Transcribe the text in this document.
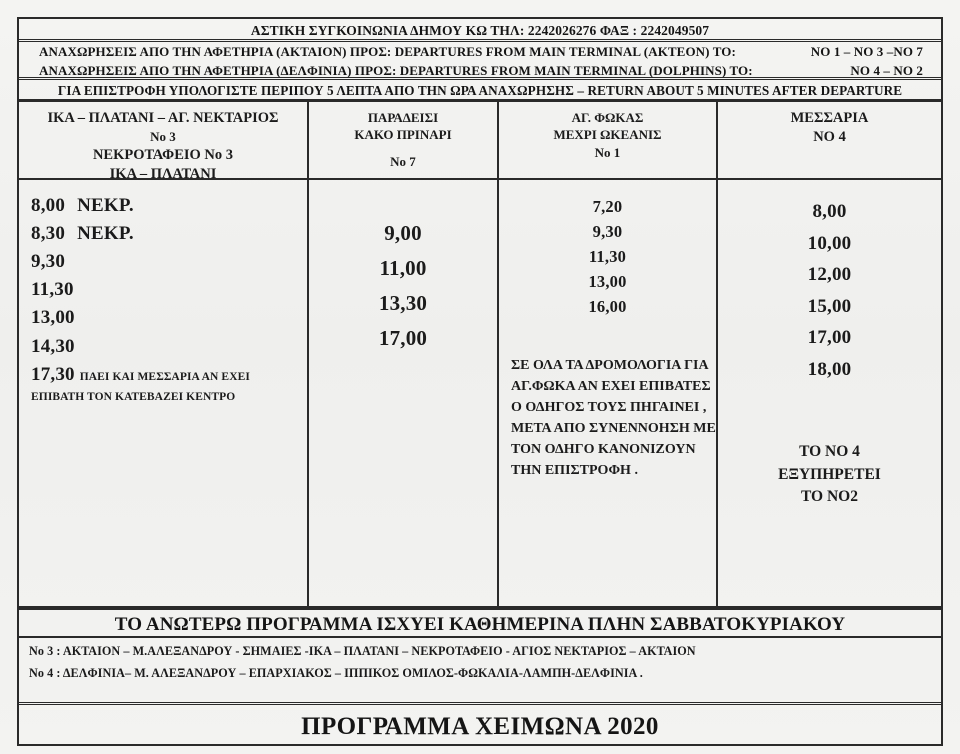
ΑΣΤΙΚΗ ΣΥΓΚΟΙΝΩΝΙΑ ΔΗΜΟΥ ΚΩ ΤΗΛ: 2242026276 ΦΑΞ : 2242049507
ΑΝΑΧΩΡΗΣΕΙΣ ΑΠΟ ΤΗΝ ΑΦΕΤΗΡΙΑ (ΑΚΤΑΙΟΝ) ΠΡΟΣ: DEPARTURES FROM MAIN TERMINAL (AKTEON) TO:	ΝΟ 1 – ΝΟ 3 –ΝΟ 7
ΑΝΑΧΩΡΗΣΕΙΣ ΑΠΟ ΤΗΝ ΑΦΕΤΗΡΙΑ (ΔΕΛΦΙΝΙΑ) ΠΡΟΣ: DEPARTURES FROM MAIN TERMINAL (DOLPHINS) TO:	ΝΟ 4 – ΝΟ 2
ΓΙΑ ΕΠΙΣΤΡΟΦΗ ΥΠΟΛΟΓΙΣΤΕ ΠΕΡΙΠΟΥ 5 ΛΕΠΤΑ ΑΠΟ ΤΗΝ ΩΡΑ ΑΝΑΧΩΡΗΣΗΣ – RETURN ABOUT 5 MINUTES AFTER DEPARTURE
ΙΚΑ – ΠΛΑΤΑΝΙ – ΑΓ. ΝΕΚΤΑΡΙΟΣ
Νο 3
ΝΕΚΡΟΤΑΦΕΙΟ Νο 3
ΙΚΑ – ΠΛΑΤΑΝΙ
ΠΑΡΑΔΕΙΣΙ
ΚΑΚΟ ΠΡΙΝΑΡΙ
Νο 7
ΑΓ. ΦΩΚΑΣ
ΜΕΧΡΙ ΩΚΕΑΝΙΣ
Νο 1
ΜΕΣΣΑΡΙΑ
ΝΟ 4
8,00 ΝΕΚΡ.
8,30 ΝΕΚΡ.
9,30
11,30
13,00
14,30
17,30 ΠΑΕΙ ΚΑΙ ΜΕΣΣΑΡΙΑ ΑΝ ΕΧΕΙ
ΕΠΙΒΑΤΗ ΤΟΝ ΚΑΤΕΒΑΖΕΙ ΚΕΝΤΡΟ
9,00
11,00
13,30
17,00
7,20
9,30
11,30
13,00
16,00
ΣΕ ΟΛΑ ΤΑ ΔΡΟΜΟΛΟΓΙΑ ΓΙΑ ΑΓ.ΦΩΚΑ ΑΝ ΕΧΕΙ ΕΠΙΒΑΤΕΣ Ο ΟΔΗΓΟΣ ΤΟΥΣ ΠΗΓΑΙΝΕΙ , ΜΕΤΑ ΑΠΟ ΣΥΝΕΝΝΟΗΣΗ ΜΕ ΤΟΝ ΟΔΗΓΟ ΚΑΝΟΝΙΖΟΥΝ ΤΗΝ ΕΠΙΣΤΡΟΦΗ .
8,00
10,00
12,00
15,00
17,00
18,00
ΤΟ ΝΟ 4
ΕΞΥΠΗΡΕΤΕΙ
ΤΟ ΝΟ2
ΤΟ ΑΝΩΤΕΡΩ ΠΡΟΓΡΑΜΜΑ ΙΣΧΥΕΙ ΚΑΘΗΜΕΡΙΝΑ ΠΛΗΝ ΣΑΒΒΑΤΟΚΥΡΙΑΚΟΥ
Νο 3 : ΑΚΤΑΙΟΝ – Μ.ΑΛΕΞΑΝΔΡΟΥ - ΣΗΜΑΙΕΣ -ΙΚΑ – ΠΛΑΤΑΝΙ – ΝΕΚΡΟΤΑΦΕΙΟ - ΑΓΙΟΣ ΝΕΚΤΑΡΙΟΣ – ΑΚΤΑΙΟΝ
Νο 4 : ΔΕΛΦΙΝΙΑ– Μ. ΑΛΕΞΑΝΔΡΟΥ – ΕΠΑΡΧΙΑΚΟΣ – ΙΠΠΙΚΟΣ ΟΜΙΛΟΣ-ΦΩΚΑΛΙΑ-ΛΑΜΠΗ-ΔΕΛΦΙΝΙΑ .
ΠΡΟΓΡΑΜΜΑ ΧΕΙΜΩΝΑ 2020
